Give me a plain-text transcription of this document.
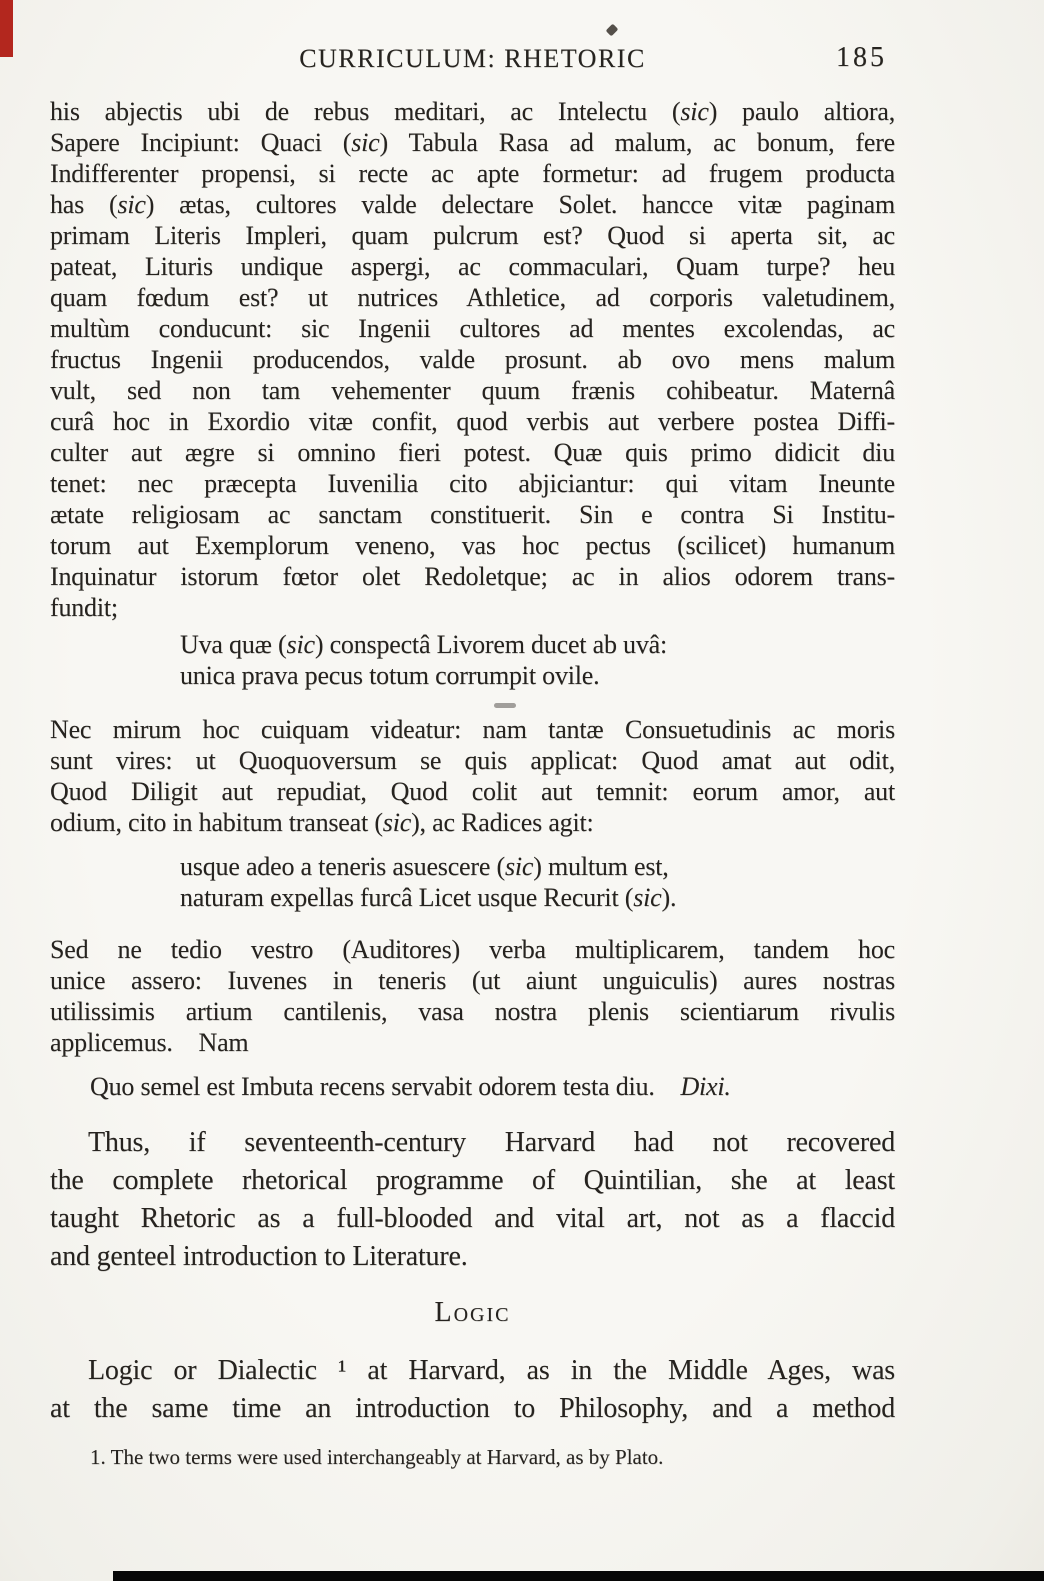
CURRICULUM: RHETORIC	185
his abjectis ubi de rebus meditari, ac Intelectu (sic) paulo altiora,
Sapere Incipiunt: Quaci (sic) Tabula Rasa ad malum, ac bonum, fere
Indifferenter propensi, si recte ac apte formetur: ad frugem producta
has (sic) ætas, cultores valde delectare Solet. hancce vitæ paginam
primam Literis Impleri, quam pulcrum est? Quod si aperta sit, ac
pateat, Lituris undique aspergi, ac commaculari, Quam turpe? heu
quam fœdum est? ut nutrices Athletice, ad corporis valetudinem,
multùm conducunt: sic Ingenii cultores ad mentes excolendas, ac
fructus Ingenii producendos, valde prosunt. ab ovo mens malum
vult, sed non tam vehementer quum frænis cohibeatur. Maternâ
curâ hoc in Exordio vitæ confit, quod verbis aut verbere postea Diffi-
culter aut ægre si omnino fieri potest. Quæ quis primo didicit diu
tenet: nec præcepta Iuvenilia cito abjiciantur: qui vitam Ineunte
ætate religiosam ac sanctam constituerit. Sin e contra Si Institu-
torum aut Exemplorum veneno, vas hoc pectus (scilicet) humanum
Inquinatur istorum fœtor olet Redoletque; ac in alios odorem trans-
fundit;
Uva quæ (sic) conspectâ Livorem ducet ab uvâ:
unica prava pecus totum corrumpit ovile.
Nec mirum hoc cuiquam videatur: nam tantæ Consuetudinis ac moris
sunt vires: ut Quoquoversum se quis applicat: Quod amat aut odit,
Quod Diligit aut repudiat, Quod colit aut temnit: eorum amor, aut
odium, cito in habitum transeat (sic), ac Radices agit:
usque adeo a teneris asuescere (sic) multum est,
naturam expellas furcâ Licet usque Recurit (sic).
Sed ne tedio vestro (Auditores) verba multiplicarem, tandem hoc
unice assero: Iuvenes in teneris (ut aiunt unguiculis) aures nostras
utilissimis artium cantilenis, vasa nostra plenis scientiarum rivulis
applicemus. Nam
Quo semel est Imbuta recens servabit odorem testa diu. Dixi.
Thus, if seventeenth-century Harvard had not recovered
the complete rhetorical programme of Quintilian, she at least
taught Rhetoric as a full-blooded and vital art, not as a flaccid
and genteel introduction to Literature.
Logic
Logic or Dialectic ¹ at Harvard, as in the Middle Ages, was
at the same time an introduction to Philosophy, and a method
1. The two terms were used interchangeably at Harvard, as by Plato.
